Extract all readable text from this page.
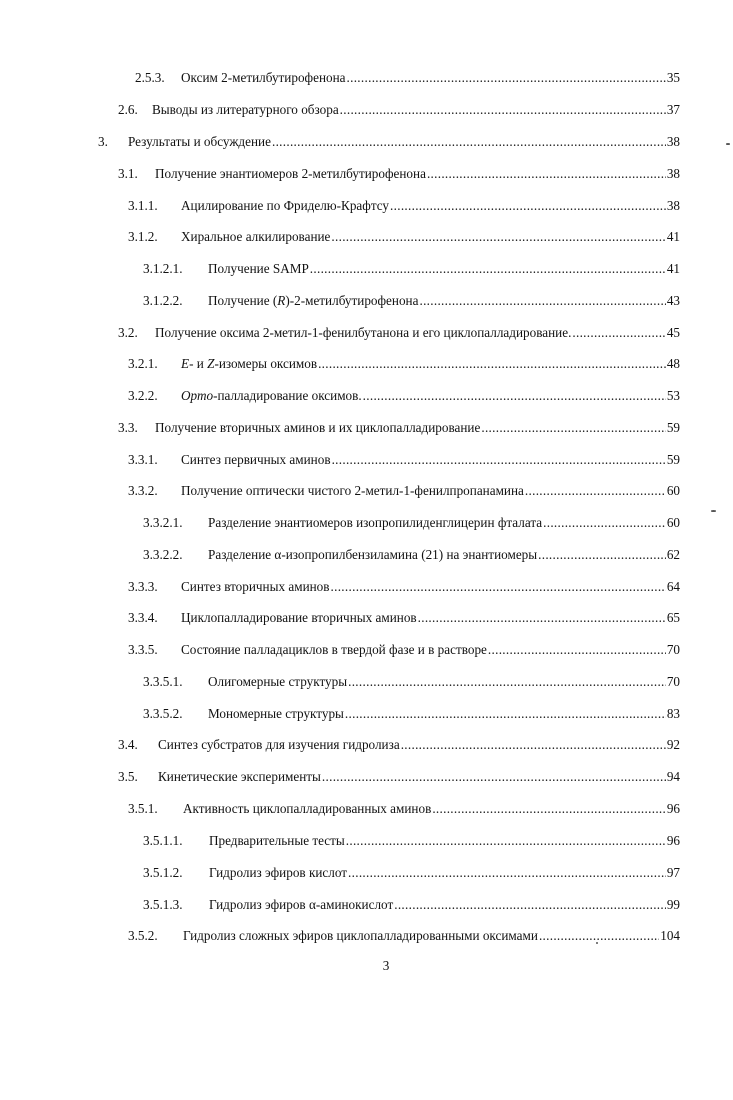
2.5.3.	Оксим 2-метилбутирофенона .....	35
2.6.	Выводы из литературного обзора .....	37
3.	Результаты и обсуждение .....	38
3.1.	Получение энантиомеров 2-метилбутирофенона .....	38
3.1.1.	Ацилирование по Фриделю-Крафтсу .....	38
3.1.2.	Хиральное алкилирование .....	41
3.1.2.1.	Получение SAMP .....	41
3.1.2.2.	Получение (R)-2-метилбутирофенона .....	43
3.2.	Получение оксима 2-метил-1-фенилбутанона и его циклопалладирование. .....	45
3.2.1.	E- и Z-изомеры оксимов .....	48
3.2.2.	Орто-палладирование оксимов. .....	53
3.3.	Получение вторичных аминов и их циклопалладирование .....	59
3.3.1.	Синтез первичных аминов .....	59
3.3.2.	Получение оптически чистого 2-метил-1-фенилпропанамина .....	60
3.3.2.1.	Разделение энантиомеров изопропилиденглицерин фталата .....	60
3.3.2.2.	Разделение α-изопропилбензиламина (21) на энантиомеры .....	62
3.3.3.	Синтез вторичных аминов .....	64
3.3.4.	Циклопалладирование вторичных аминов .....	65
3.3.5.	Состояние палладациклов в твердой фазе и в растворе .....	70
3.3.5.1.	Олигомерные структуры .....	70
3.3.5.2.	Мономерные структуры .....	83
3.4.	Синтез субстратов для изучения гидролиза .....	92
3.5.	Кинетические эксперименты .....	94
3.5.1.	Активность циклопалладированных аминов .....	96
3.5.1.1.	Предварительные тесты .....	96
3.5.1.2.	Гидролиз эфиров кислот .....	97
3.5.1.3.	Гидролиз эфиров α-аминокислот .....	99
3.5.2.	Гидролиз сложных эфиров циклопалладированными оксимами .....	104
3
